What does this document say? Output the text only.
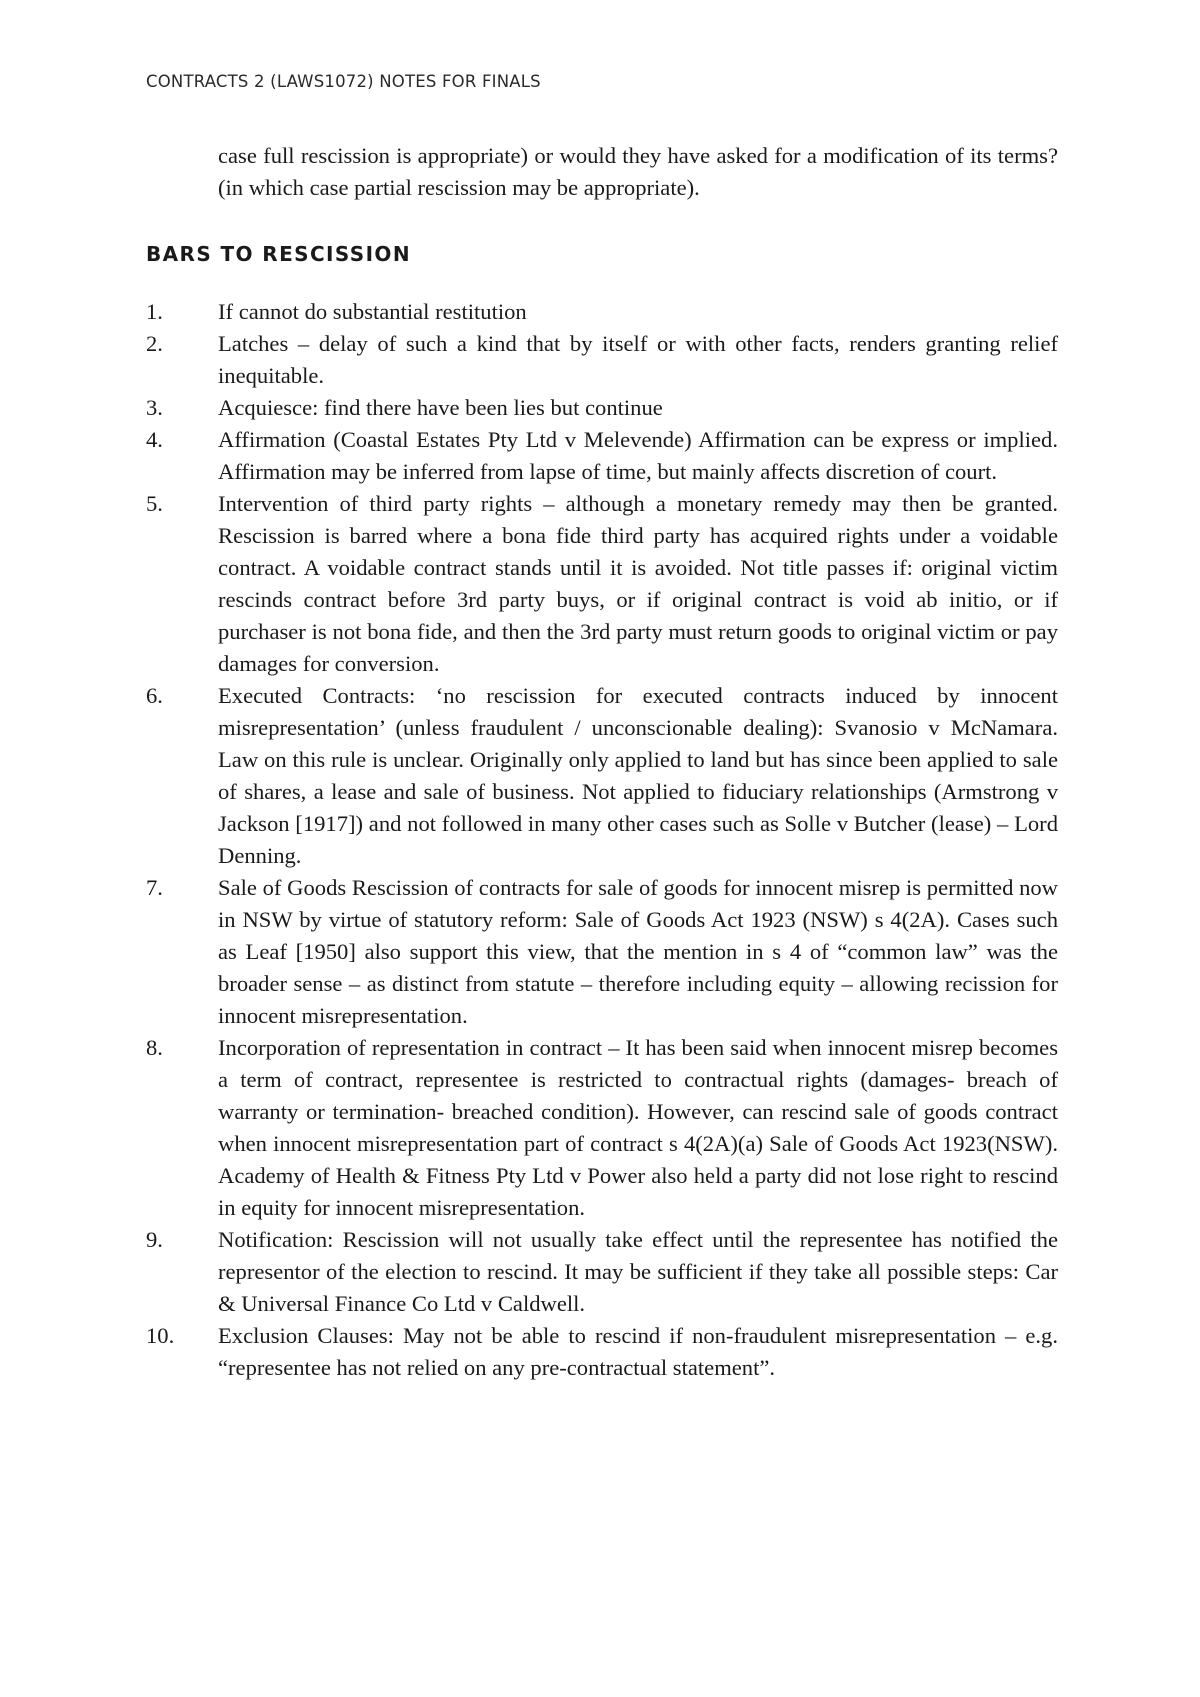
CONTRACTS 2 (LAWS1072) NOTES FOR FINALS

case full rescission is appropriate) or would they have asked for a modification of its terms? (in which case partial rescission may be appropriate).

BARS TO RESCISSION
1.	If cannot do substantial restitution
2.	Latches – delay of such a kind that by itself or with other facts, renders granting relief inequitable.
3.	Acquiesce: find there have been lies but continue
4.	Affirmation (Coastal Estates Pty Ltd v Melevende) Affirmation can be express or implied. Affirmation may be inferred from lapse of time, but mainly affects discretion of court.
5.	Intervention of third party rights – although a monetary remedy may then be granted. Rescission is barred where a bona fide third party has acquired rights under a voidable contract. A voidable contract stands until it is avoided. Not title passes if: original victim rescinds contract before 3rd party buys, or if original contract is void ab initio, or if purchaser is not bona fide, and then the 3rd party must return goods to original victim or pay damages for conversion.
6.	Executed Contracts: ‘no rescission for executed contracts induced by innocent misrepresentation’ (unless fraudulent / unconscionable dealing): Svanosio v McNamara. Law on this rule is unclear. Originally only applied to land but has since been applied to sale of shares, a lease and sale of business. Not applied to fiduciary relationships (Armstrong v Jackson [1917]) and not followed in many other cases such as Solle v Butcher (lease) – Lord Denning.
7.	Sale of Goods Rescission of contracts for sale of goods for innocent misrep is permitted now in NSW by virtue of statutory reform: Sale of Goods Act 1923 (NSW) s 4(2A). Cases such as Leaf [1950] also support this view, that the mention in s 4 of “common law” was the broader sense – as distinct from statute – therefore including equity – allowing recission for innocent misrepresentation.
8.	Incorporation of representation in contract – It has been said when innocent misrep becomes a term of contract, representee is restricted to contractual rights (damages- breach of warranty or termination- breached condition). However, can rescind sale of goods contract when innocent misrepresentation part of contract s 4(2A)(a) Sale of Goods Act 1923(NSW). Academy of Health & Fitness Pty Ltd v Power also held a party did not lose right to rescind in equity for innocent misrepresentation.
9.	Notification: Rescission will not usually take effect until the representee has notified the representor of the election to rescind. It may be sufficient if they take all possible steps: Car & Universal Finance Co Ltd v Caldwell.
10.	Exclusion Clauses: May not be able to rescind if non-fraudulent misrepresentation – e.g. “representee has not relied on any pre-contractual statement”.
